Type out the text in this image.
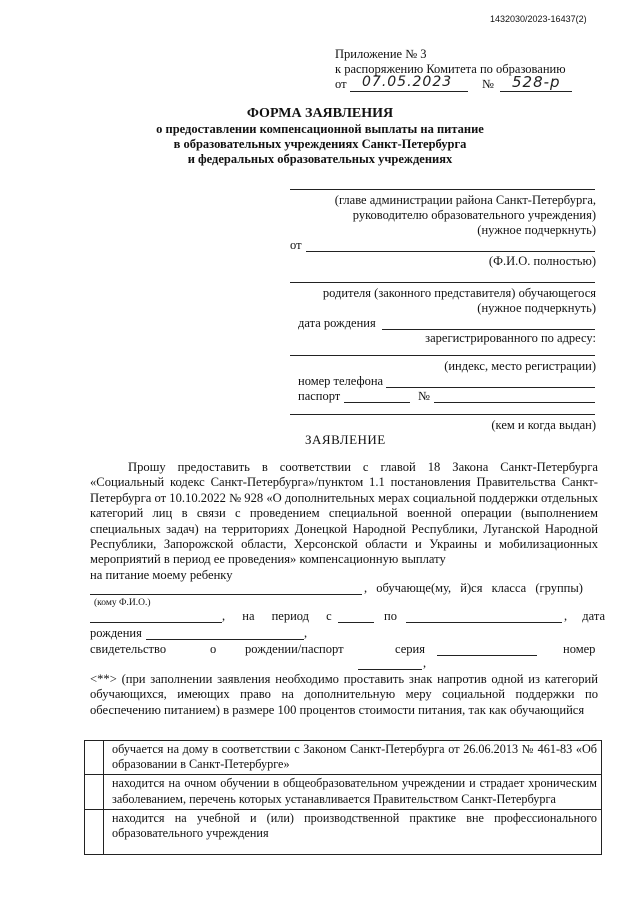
1432030/2023-16437(2)
Приложение № 3
к распоряжению Комитета по образованию
от 07.05.2023 № 528-р
ФОРМА ЗАЯВЛЕНИЯ
о предоставлении компенсационной выплаты на питание
в образовательных учреждениях Санкт-Петербурга
и федеральных образовательных учреждениях
(главе администрации района Санкт-Петербурга,
руководителю образовательного учреждения)
(нужное подчеркнуть)
от
(Ф.И.О. полностью)
родителя (законного представителя) обучающегося
(нужное подчеркнуть)
дата рождения
зарегистрированного по адресу:
(индекс, место регистрации)
номер телефона
паспорт	№
(кем и когда выдан)
ЗАЯВЛЕНИЕ
Прошу предоставить в соответствии с главой 18 Закона Санкт-Петербурга «Социальный кодекс Санкт-Петербурга»/пунктом 1.1 постановления Правительства Санкт-Петербурга от 10.10.2022 № 928 «О дополнительных мерах социальной поддержки отдельных категорий лиц в связи с проведением специальной военной операции (выполнением специальных задач) на территориях Донецкой Народной Республики, Луганской Народной Республики, Запорожской области, Херсонской области и Украины и мобилизационных мероприятий в период ее проведения» компенсационную выплату
на питание моему ребенку
, обучающе(му, й)ся класса (группы)
(кому Ф.И.О.)
, на период с	по	, дата
рождения	,
свидетельство	о рождении/паспорт	серия	номер
,
<**> (при заполнении заявления необходимо проставить знак напротив одной из категорий обучающихся, имеющих право на дополнительную меру социальной поддержки по обеспечению питанием) в размере 100 процентов стоимости питания, так как обучающийся
	обучается на дому в соответствии с Законом Санкт-Петербурга от 26.06.2013 № 461-83 «Об образовании в Санкт-Петербурге»
	находится на очном обучении в общеобразовательном учреждении и страдает хроническим заболеванием, перечень которых устанавливается Правительством Санкт-Петербурга
	находится на учебной и (или) производственной практике вне профессионального образовательного учреждения
